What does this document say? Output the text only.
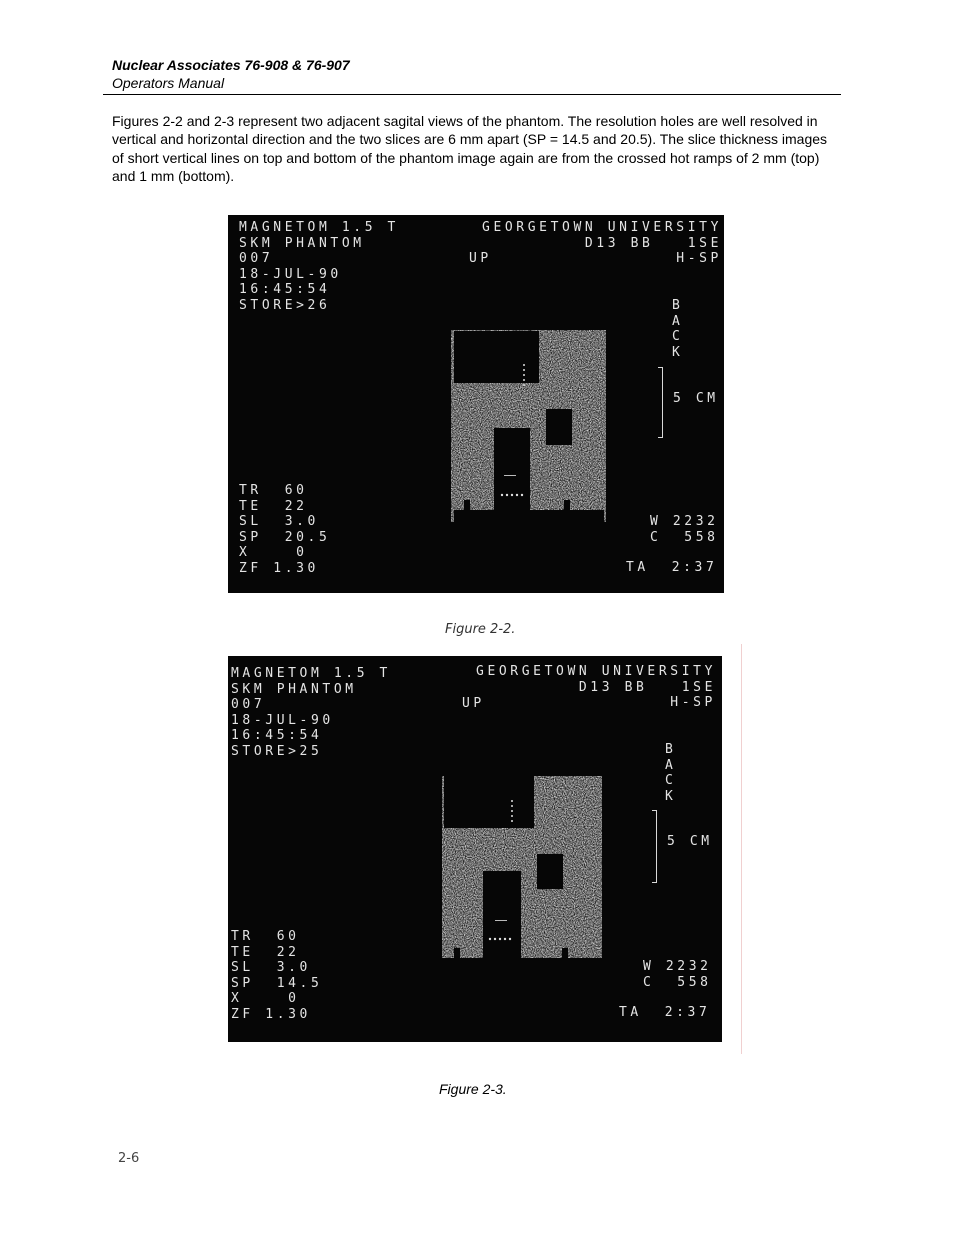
Nuclear Associates 76-908 & 76-907
Operators Manual

Figures 2-2 and 2-3 represent two adjacent sagital views of the phantom. The resolution holes are well resolved in vertical and horizontal direction and the two slices are 6 mm apart (SP = 14.5 and 20.5). The slice thickness images of short vertical lines on top and bottom of the phantom image again are from the crossed hot ramps of 2 mm (top) and 1 mm (bottom).

MAGNETOM 1.5 T
SKM PHANTOM
007
18-JUL-90
16:45:54
STORE>26
GEORGETOWN UNIVERSITY
D13 BB   1SE
H-SP
UP
B
A
C
K
5 CM
TR  60
TE  22
SL  3.0
SP  20.5
X    0
ZF 1.30
W 2232
C  558
TA  2:37
Figure 2-2.
MAGNETOM 1.5 T
SKM PHANTOM
007
18-JUL-90
16:45:54
STORE>25
GEORGETOWN UNIVERSITY
D13 BB   1SE
H-SP
UP
B
A
C
K
5 CM
TR  60
TE  22
SL  3.0
SP  14.5
X    0
ZF 1.30
W 2232
C  558
TA  2:37
Figure 2-3.
2-6
